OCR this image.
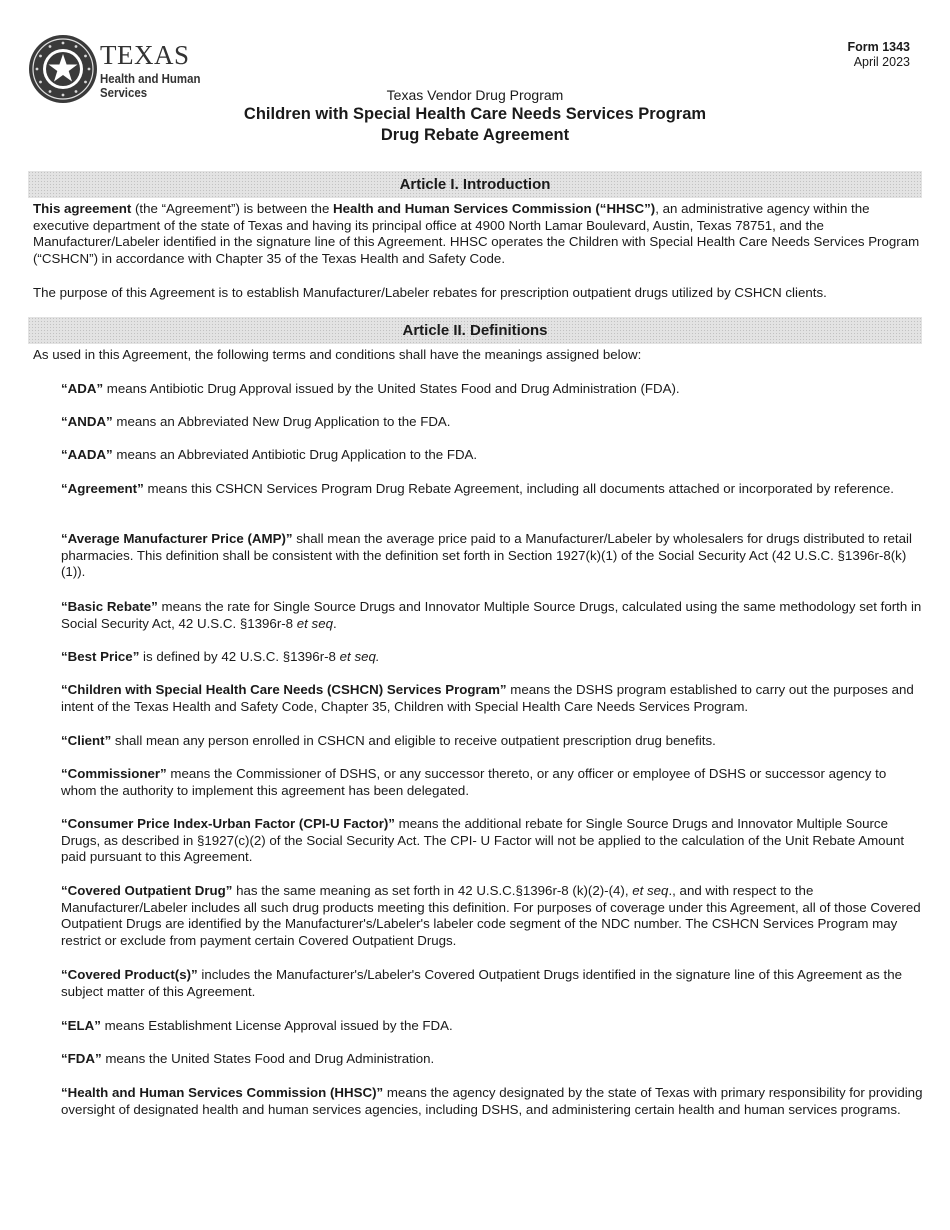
TEXAS
Health and Human
Services
Form 1343
April 2023
Texas Vendor Drug Program
Children with Special Health Care Needs Services Program
Drug Rebate Agreement
Article I. Introduction
This agreement (the “Agreement”) is between the Health and Human Services Commission (“HHSC”), an administrative agency within the executive department of the state of Texas and having its principal office at 4900 North Lamar Boulevard, Austin, Texas 78751, and the Manufacturer/Labeler identified in the signature line of this Agreement. HHSC operates the Children with Special Health Care Needs Services Program (“CSHCN”) in accordance with Chapter 35 of the Texas Health and Safety Code.
The purpose of this Agreement is to establish Manufacturer/Labeler rebates for prescription outpatient drugs utilized by CSHCN clients.
Article II. Definitions
As used in this Agreement, the following terms and conditions shall have the meanings assigned below:
“ADA” means Antibiotic Drug Approval issued by the United States Food and Drug Administration (FDA).
“ANDA” means an Abbreviated New Drug Application to the FDA.
“AADA” means an Abbreviated Antibiotic Drug Application to the FDA.
“Agreement” means this CSHCN Services Program Drug Rebate Agreement, including all documents attached or incorporated by reference.
“Average Manufacturer Price (AMP)” shall mean the average price paid to a Manufacturer/Labeler by wholesalers for drugs distributed to retail pharmacies. This definition shall be consistent with the definition set forth in Section 1927(k)(1) of the Social Security Act (42 U.S.C. §1396r-8(k)(1)).
“Basic Rebate” means the rate for Single Source Drugs and Innovator Multiple Source Drugs, calculated using the same methodology set forth in Social Security Act, 42 U.S.C. §1396r-8 et seq.
“Best Price” is defined by 42 U.S.C. §1396r-8 et seq.
“Children with Special Health Care Needs (CSHCN) Services Program” means the DSHS program established to carry out the purposes and intent of the Texas Health and Safety Code, Chapter 35, Children with Special Health Care Needs Services Program.
“Client” shall mean any person enrolled in CSHCN and eligible to receive outpatient prescription drug benefits.
“Commissioner” means the Commissioner of DSHS, or any successor thereto, or any officer or employee of DSHS or successor agency to whom the authority to implement this agreement has been delegated.
“Consumer Price Index-Urban Factor (CPI-U Factor)” means the additional rebate for Single Source Drugs and Innovator Multiple Source Drugs, as described in §1927(c)(2) of the Social Security Act. The CPI- U Factor will not be applied to the calculation of the Unit Rebate Amount paid pursuant to this Agreement.
“Covered Outpatient Drug” has the same meaning as set forth in 42 U.S.C.§1396r-8 (k)(2)-(4), et seq., and with respect to the Manufacturer/Labeler includes all such drug products meeting this definition. For purposes of coverage under this Agreement, all of those Covered Outpatient Drugs are identified by the Manufacturer's/Labeler's labeler code segment of the NDC number. The CSHCN Services Program may restrict or exclude from payment certain Covered Outpatient Drugs.
“Covered Product(s)” includes the Manufacturer's/Labeler's Covered Outpatient Drugs identified in the signature line of this Agreement as the subject matter of this Agreement.
“ELA” means Establishment License Approval issued by the FDA.
“FDA” means the United States Food and Drug Administration.
“Health and Human Services Commission (HHSC)” means the agency designated by the state of Texas with primary responsibility for providing oversight of designated health and human services agencies, including DSHS, and administering certain health and human services programs.
